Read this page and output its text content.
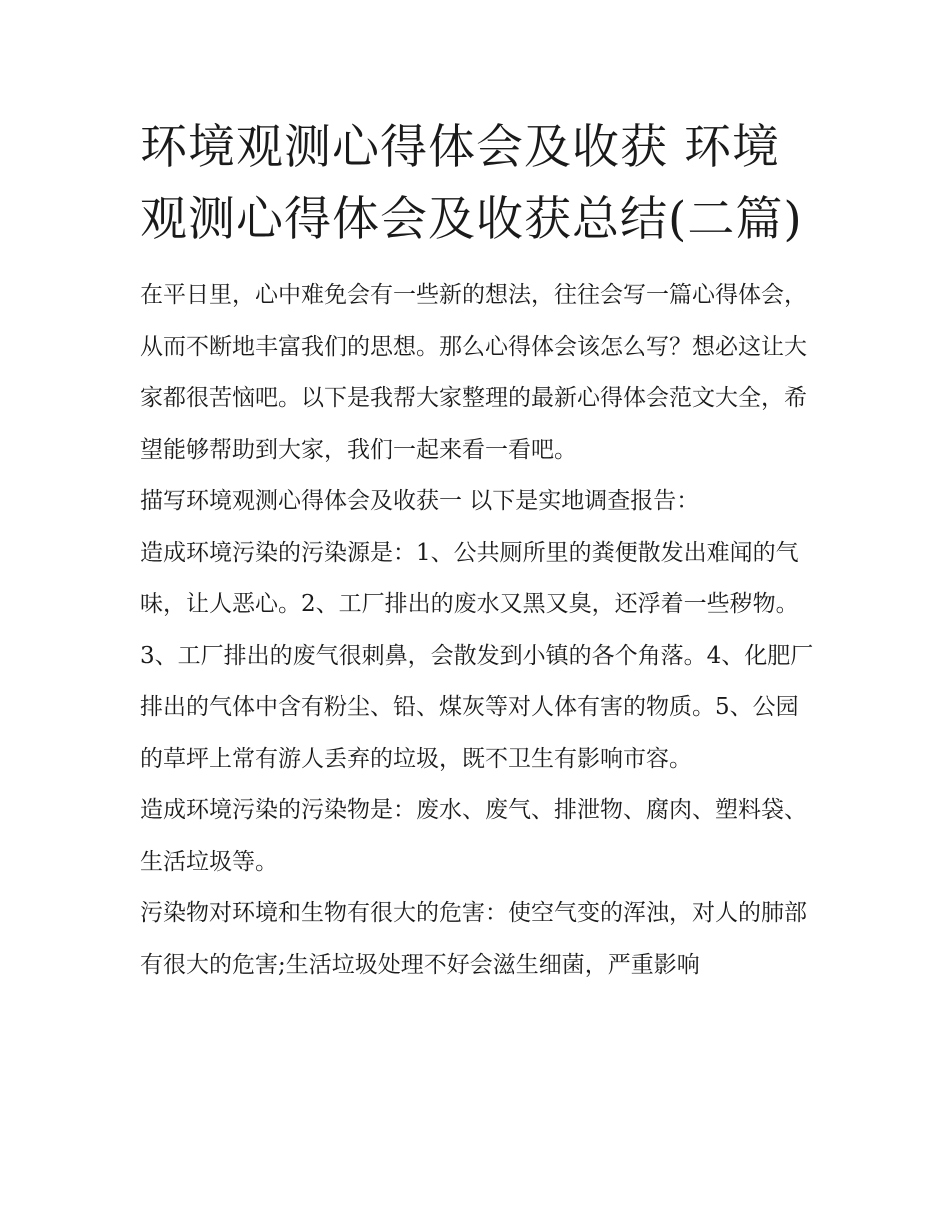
环境观测心得体会及收获 环境观测心得体会及收获总结(二篇)

在平日里，心中难免会有一些新的想法，往往会写一篇心得体会，从而不断地丰富我们的思想。那么心得体会该怎么写？想必这让大家都很苦恼吧。以下是我帮大家整理的最新心得体会范文大全，希望能够帮助到大家，我们一起来看一看吧。

描写环境观测心得体会及收获一 以下是实地调查报告：

造成环境污染的污染源是：1、公共厕所里的粪便散发出难闻的气味，让人恶心。2、工厂排出的废水又黑又臭，还浮着一些秽物。3、工厂排出的废气很刺鼻，会散发到小镇的各个角落。4、化肥厂排出的气体中含有粉尘、铅、煤灰等对人体有害的物质。5、公园的草坪上常有游人丢弃的垃圾，既不卫生有影响市容。

造成环境污染的污染物是：废水、废气、排泄物、腐肉、塑料袋、生活垃圾等。

污染物对环境和生物有很大的危害：使空气变的浑浊，对人的肺部有很大的危害;生活垃圾处理不好会滋生细菌，严重影响
